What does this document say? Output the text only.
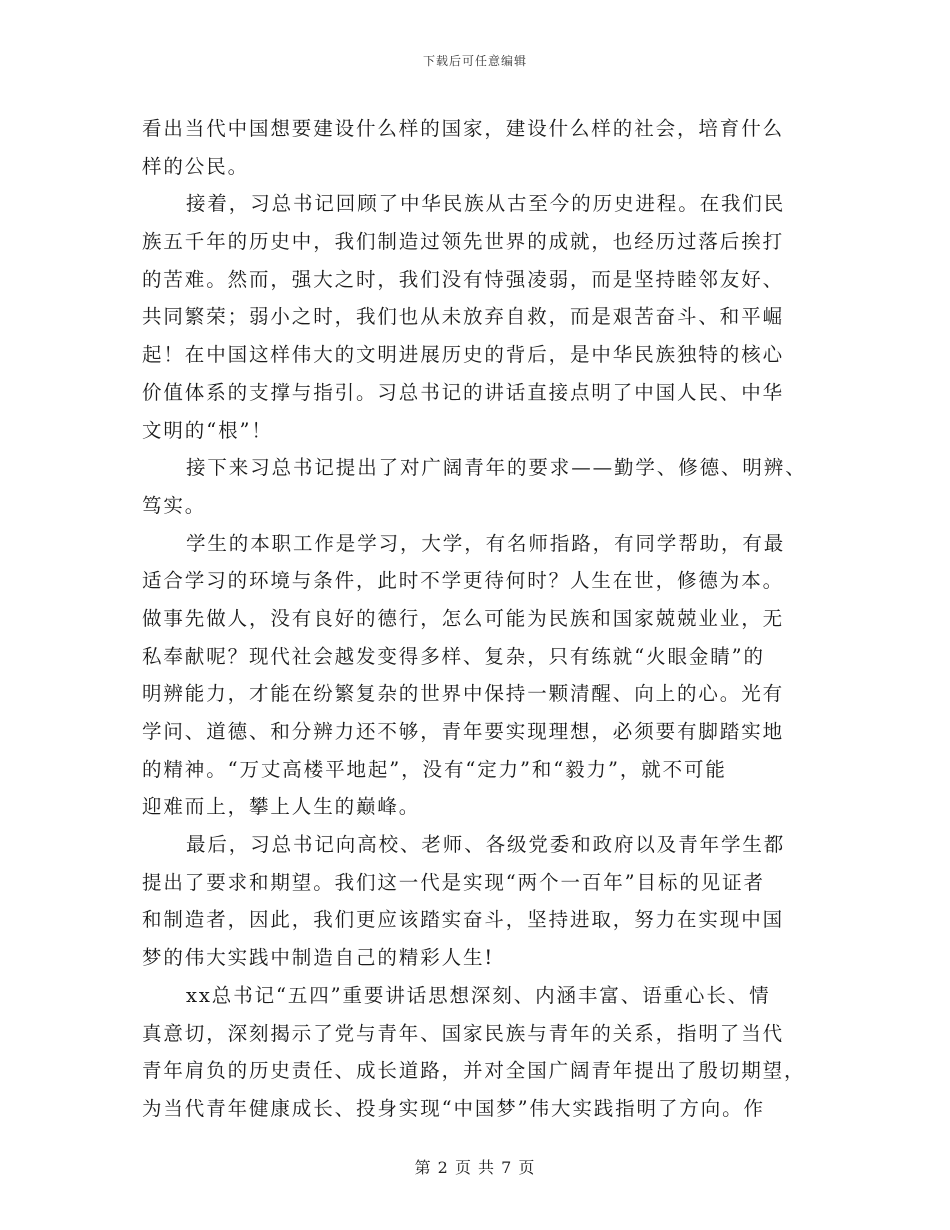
下载后可任意编辑
看出当代中国想要建设什么样的国家，建设什么样的社会，培育什么
样的公民。
接着，习总书记回顾了中华民族从古至今的历史进程。在我们民
族五千年的历史中，我们制造过领先世界的成就，也经历过落后挨打
的苦难。然而，强大之时，我们没有恃强凌弱，而是坚持睦邻友好、
共同繁荣；弱小之时，我们也从未放弃自救，而是艰苦奋斗、和平崛
起！在中国这样伟大的文明进展历史的背后，是中华民族独特的核心
价值体系的支撑与指引。习总书记的讲话直接点明了中国人民、中华
文明的“根”！
接下来习总书记提出了对广阔青年的要求——勤学、修德、明辨、
笃实。
学生的本职工作是学习，大学，有名师指路，有同学帮助，有最
适合学习的环境与条件，此时不学更待何时？人生在世，修德为本。
做事先做人，没有良好的德行，怎么可能为民族和国家兢兢业业，无
私奉献呢？现代社会越发变得多样、复杂，只有练就“火眼金睛”的
明辨能力，才能在纷繁复杂的世界中保持一颗清醒、向上的心。光有
学问、道德、和分辨力还不够，青年要实现理想，必须要有脚踏实地
的精神。“万丈高楼平地起”，没有“定力”和“毅力”，就不可能
迎难而上，攀上人生的巅峰。
最后，习总书记向高校、老师、各级党委和政府以及青年学生都
提出了要求和期望。我们这一代是实现“两个一百年”目标的见证者
和制造者，因此，我们更应该踏实奋斗，坚持进取，努力在实现中国
梦的伟大实践中制造自己的精彩人生!
xx总书记“五四”重要讲话思想深刻、内涵丰富、语重心长、情
真意切，深刻揭示了党与青年、国家民族与青年的关系，指明了当代
青年肩负的历史责任、成长道路，并对全国广阔青年提出了殷切期望，
为当代青年健康成长、投身实现“中国梦”伟大实践指明了方向。作
第 2 页 共 7 页
